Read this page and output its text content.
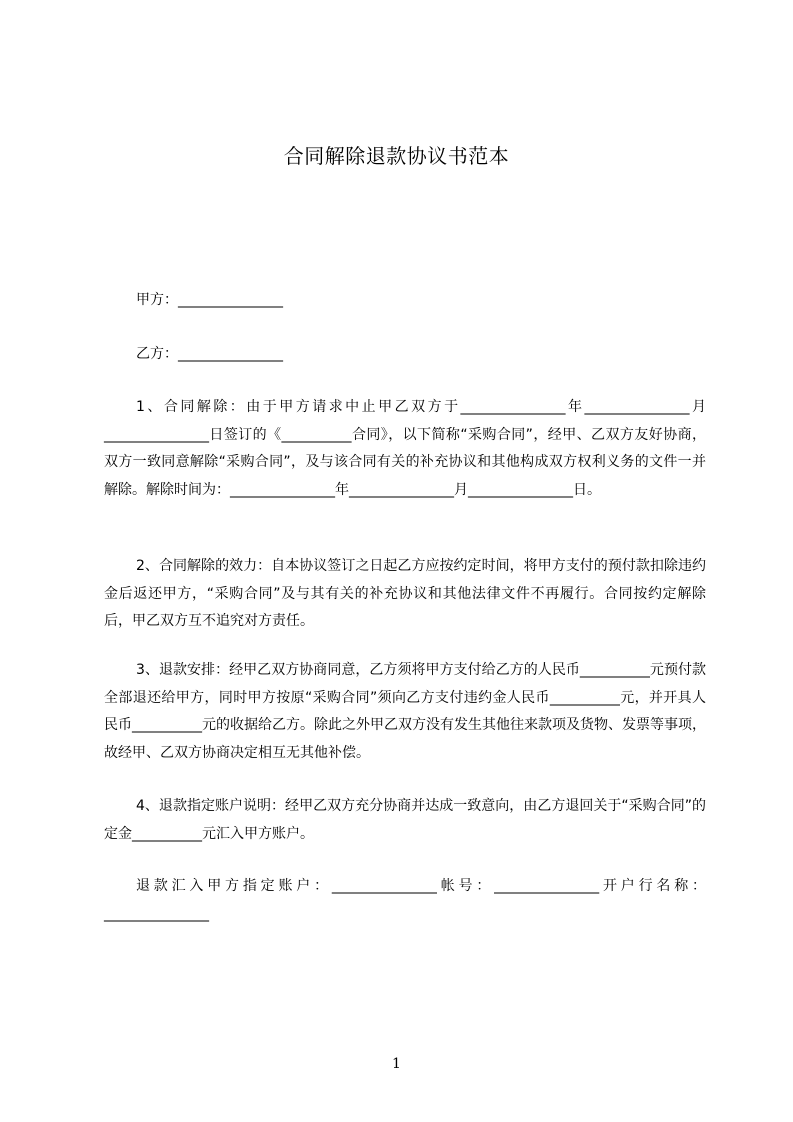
合同解除退款协议书范本
甲方：_______________
乙方：_______________
1、合同解除：由于甲方请求中止甲乙双方于_______________年_______________月_______________日签订的《__________合同》，以下简称“采购合同”，经甲、乙双方友好协商，双方一致同意解除“采购合同”，及与该合同有关的补充协议和其他构成双方权利义务的文件一并解除。解除时间为：_______________年_______________月_______________日。
2、合同解除的效力：自本协议签订之日起乙方应按约定时间，将甲方支付的预付款扣除违约金后返还甲方，“采购合同”及与其有关的补充协议和其他法律文件不再履行。合同按约定解除后，甲乙双方互不追究对方责任。
3、退款安排：经甲乙双方协商同意，乙方须将甲方支付给乙方的人民币__________元预付款全部退还给甲方，同时甲方按原“采购合同”须向乙方支付违约金人民币__________元，并开具人民币__________元的收据给乙方。除此之外甲乙双方没有发生其他往来款项及货物、发票等事项，故经甲、乙双方协商决定相互无其他补偿。
4、退款指定账户说明：经甲乙双方充分协商并达成一致意向，由乙方退回关于“采购合同”的定金__________元汇入甲方账户。
退款汇入甲方指定账户：_______________帐号：_______________开户行名称：_______________
1
